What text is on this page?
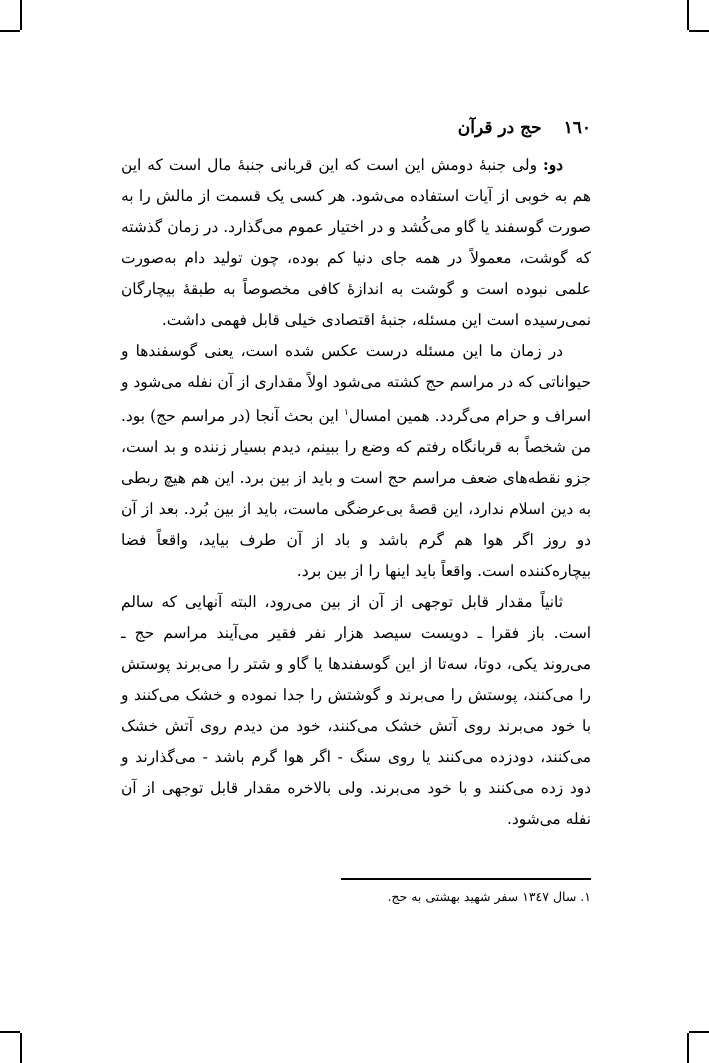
١٦٠
حج در قرآن

دو: ولی جنبهٔ دومش این است که این قربانی جنبهٔ مال است که این هم به خوبی از آیات استفاده می‌شود. هر کسی یک قسمت از مالش را به صورت گوسفند یا گاو می‌کُشد و در اختیار عموم می‌گذارد. در زمان گذشته که گوشت، معمولاً در همه جای دنیا کم بوده، چون تولید دام به‌صورت علمی نبوده است و گوشت به اندازهٔ کافی مخصوصاً به طبقهٔ بیچارگان نمی‌رسیده است این مسئله، جنبهٔ اقتصادی خیلی قابل فهمی داشت.

در زمان ما این مسئله درست عکس شده است، یعنی گوسفندها و حیواناتی که در مراسم حج کشته می‌شود اولاً مقداری از آن نفله می‌شود و اسراف و حرام می‌گردد. همین امسال$^١$ این بحث آنجا (در مراسم حج) بود. من شخصاً به قربانگاه رفتم که وضع را ببینم، دیدم بسیار زننده و بد است، جزو نقطه‌های ضعف مراسم حج است و باید از بین برد. این هم هیچ ربطی به دین اسلام ندارد، این قصهٔ بی‌عرضگی ماست، باید از بین بُرد. بعد از آن دو روز اگر هوا هم گرم باشد و باد از آن طرف بیاید، واقعاً فضا بیچاره‌کننده است. واقعاً باید اینها را از بین برد.

ثانیاً مقدار قابل توجهی از آن از بین می‌رود، البته آنهایی که سالم است. باز فقرا ـ دویست سیصد هزار نفر فقیر می‌آیند مراسم حج ـ می‌روند یکی، دوتا، سه‌تا از این گوسفندها یا گاو و شتر را می‌برند پوستش را می‌کنند، پوستش را می‌برند و گوشتش را جدا نموده و خشک می‌کنند و با خود می‌برند روی آتش خشک می‌کنند، خود من دیدم روی آتش خشک می‌کنند، دودزده می‌کنند یا روی سنگ - اگر هوا گرم باشد - می‌گذارند و دود زده می‌کنند و با خود می‌برند. ولی بالاخره مقدار قابل توجهی از آن نفله می‌شود.

١. سال ١٣٤٧ سفر شهید بهشتی به حج.
